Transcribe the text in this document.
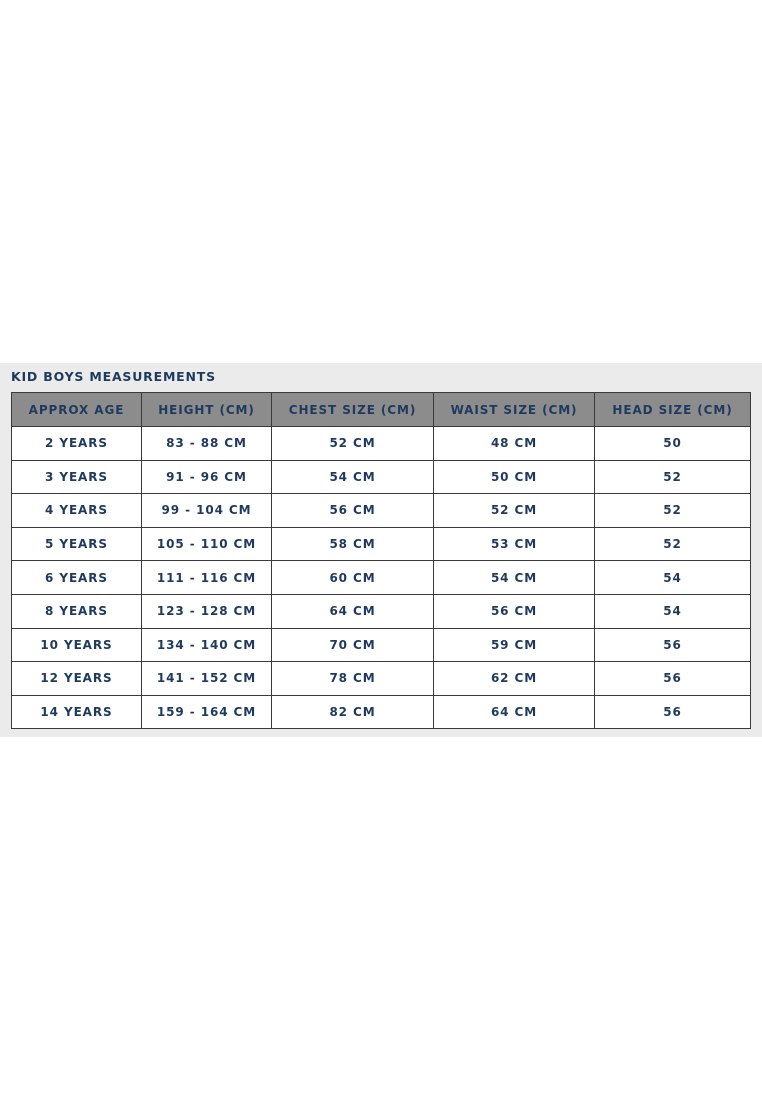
KID BOYS MEASUREMENTS
APPROX AGE	HEIGHT (CM)	CHEST SIZE (CM)	WAIST SIZE (CM)	HEAD SIZE (CM)
2 YEARS	83 - 88 CM	52 CM	48 CM	50
3 YEARS	91 - 96 CM	54 CM	50 CM	52
4 YEARS	99 - 104 CM	56 CM	52 CM	52
5 YEARS	105 - 110 CM	58 CM	53 CM	52
6 YEARS	111 - 116 CM	60 CM	54 CM	54
8 YEARS	123 - 128 CM	64 CM	56 CM	54
10 YEARS	134 - 140 CM	70 CM	59 CM	56
12 YEARS	141 - 152 CM	78 CM	62 CM	56
14 YEARS	159 - 164 CM	82 CM	64 CM	56
